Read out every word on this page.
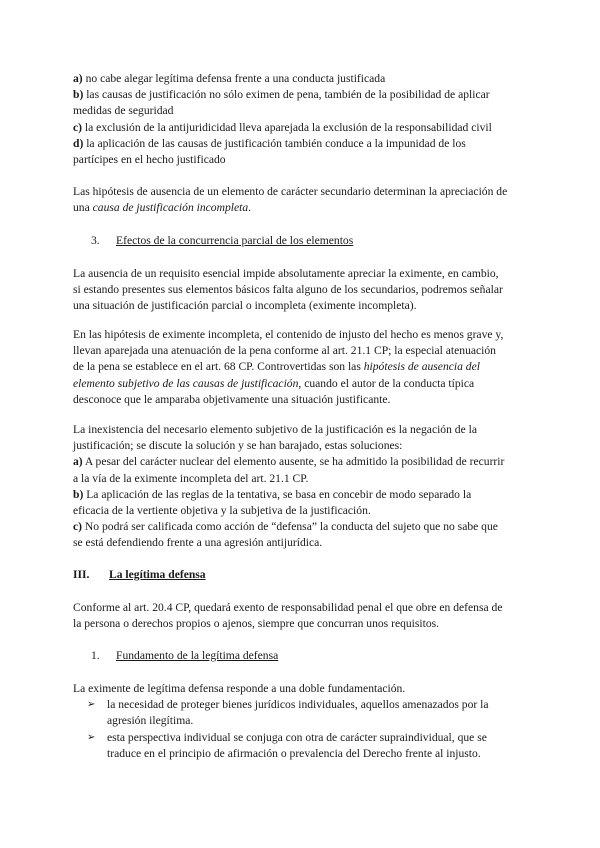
a) no cabe alegar legítima defensa frente a una conducta justificada
b) las causas de justificación no sólo eximen de pena, también de la posibilidad de aplicar
medidas de seguridad
c) la exclusión de la antijuridicidad lleva aparejada la exclusión de la responsabilidad civil
d) la aplicación de las causas de justificación también conduce a la impunidad de los
partícipes en el hecho justificado
Las hipótesis de ausencia de un elemento de carácter secundario determinan la apreciación de
una causa de justificación incompleta.
3. Efectos de la concurrencia parcial de los elementos
La ausencia de un requisito esencial impide absolutamente apreciar la eximente, en cambio,
si estando presentes sus elementos básicos falta alguno de los secundarios, podremos señalar
una situación de justificación parcial o incompleta (eximente incompleta).
En las hipótesis de eximente incompleta, el contenido de injusto del hecho es menos grave y,
llevan aparejada una atenuación de la pena conforme al art. 21.1 CP; la especial atenuación
de la pena se establece en el art. 68 CP. Controvertidas son las hipótesis de ausencia del
elemento subjetivo de las causas de justificación, cuando el autor de la conducta típica
desconoce que le amparaba objetivamente una situación justificante.
La inexistencia del necesario elemento subjetivo de la justificación es la negación de la
justificación; se discute la solución y se han barajado, estas soluciones:
a) A pesar del carácter nuclear del elemento ausente, se ha admitido la posibilidad de recurrir
a la vía de la eximente incompleta del art. 21.1 CP.
b) La aplicación de las reglas de la tentativa, se basa en concebir de modo separado la
eficacia de la vertiente objetiva y la subjetiva de la justificación.
c) No podrá ser calificada como acción de “defensa” la conducta del sujeto que no sabe que
se está defendiendo frente a una agresión antijurídica.
III. La legítima defensa
Conforme al art. 20.4 CP, quedará exento de responsabilidad penal el que obre en defensa de
la persona o derechos propios o ajenos, siempre que concurran unos requisitos.
1. Fundamento de la legítima defensa
La eximente de legítima defensa responde a una doble fundamentación.
➢ la necesidad de proteger bienes jurídicos individuales, aquellos amenazados por la
agresión ilegítima.
➢ esta perspectiva individual se conjuga con otra de carácter supraindividual, que se
traduce en el principio de afirmación o prevalencia del Derecho frente al injusto.
